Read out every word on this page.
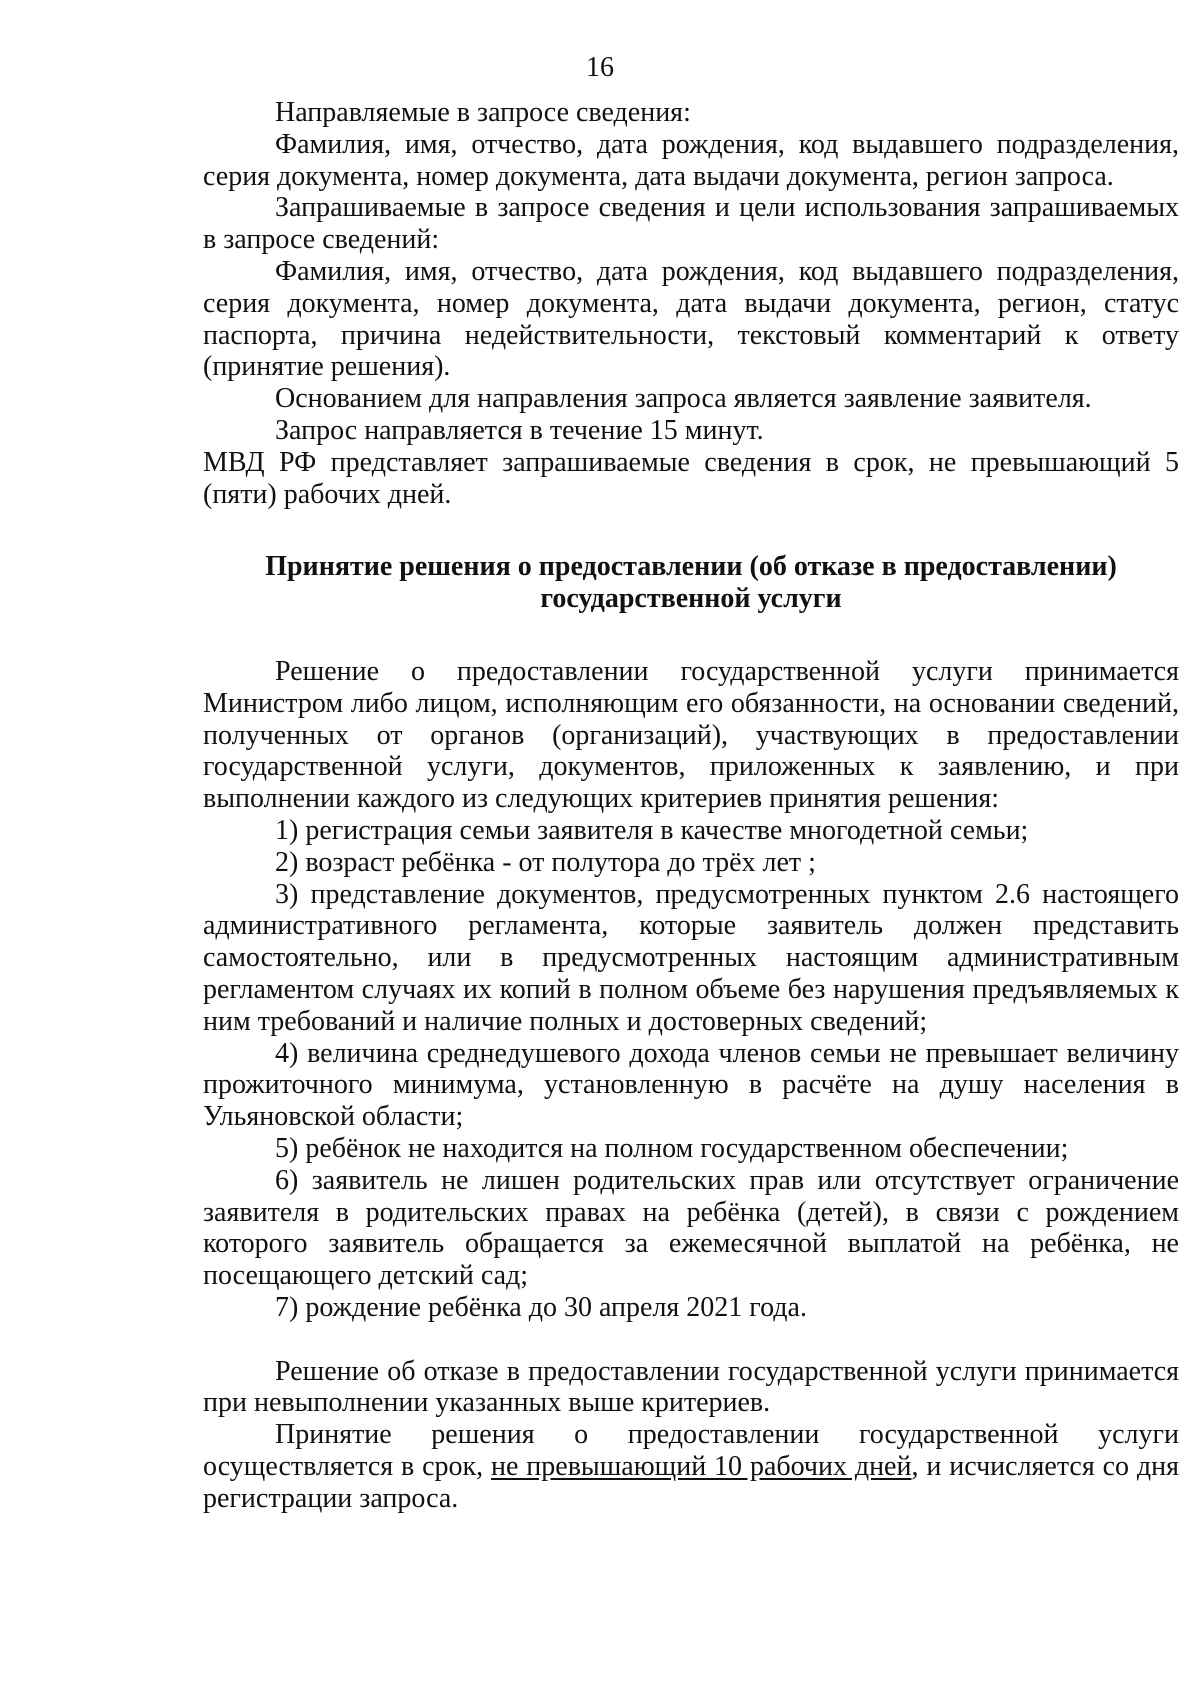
16

Направляемые в запросе сведения:

Фамилия, имя, отчество, дата рождения, код выдавшего подразделения, серия документа, номер документа, дата выдачи документа, регион запроса.

Запрашиваемые в запросе сведения и цели использования запрашиваемых в запросе сведений:

Фамилия, имя, отчество, дата рождения, код выдавшего подразделения, серия документа, номер документа, дата выдачи документа, регион, статус паспорта, причина недействительности, текстовый комментарий к ответу (принятие решения).

Основанием для направления запроса является заявление заявителя.

Запрос направляется в течение 15 минут.

МВД РФ представляет запрашиваемые сведения в срок, не превышающий 5 (пяти) рабочих дней.

Принятие решения о предоставлении (об отказе в предоставлении)
государственной услуги

Решение о предоставлении государственной услуги принимается Министром либо лицом, исполняющим его обязанности, на основании сведений, полученных от органов (организаций), участвующих в предоставлении государственной услуги, документов, приложенных к заявлению, и при выполнении каждого из следующих критериев принятия решения:

1) регистрация семьи заявителя в качестве многодетной семьи;

2) возраст ребёнка - от полутора до трёх лет ;

3) представление документов, предусмотренных пунктом 2.6 настоящего административного регламента, которые заявитель должен представить самостоятельно, или в предусмотренных настоящим административным регламентом случаях их копий в полном объеме без нарушения предъявляемых к ним требований и наличие полных и достоверных сведений;

4) величина среднедушевого дохода членов семьи не превышает величину прожиточного минимума, установленную в расчёте на душу населения в Ульяновской области;

5) ребёнок не находится на полном государственном обеспечении;

6) заявитель не лишен родительских прав или отсутствует ограничение заявителя в родительских правах на ребёнка (детей), в связи с рождением которого заявитель обращается за ежемесячной выплатой на ребёнка, не посещающего детский сад;

7) рождение ребёнка до 30 апреля 2021 года.

Решение об отказе в предоставлении государственной услуги принимается при невыполнении указанных выше критериев.

Принятие решения о предоставлении государственной услуги осуществляется в срок, не превышающий 10 рабочих дней, и исчисляется со дня регистрации запроса.
